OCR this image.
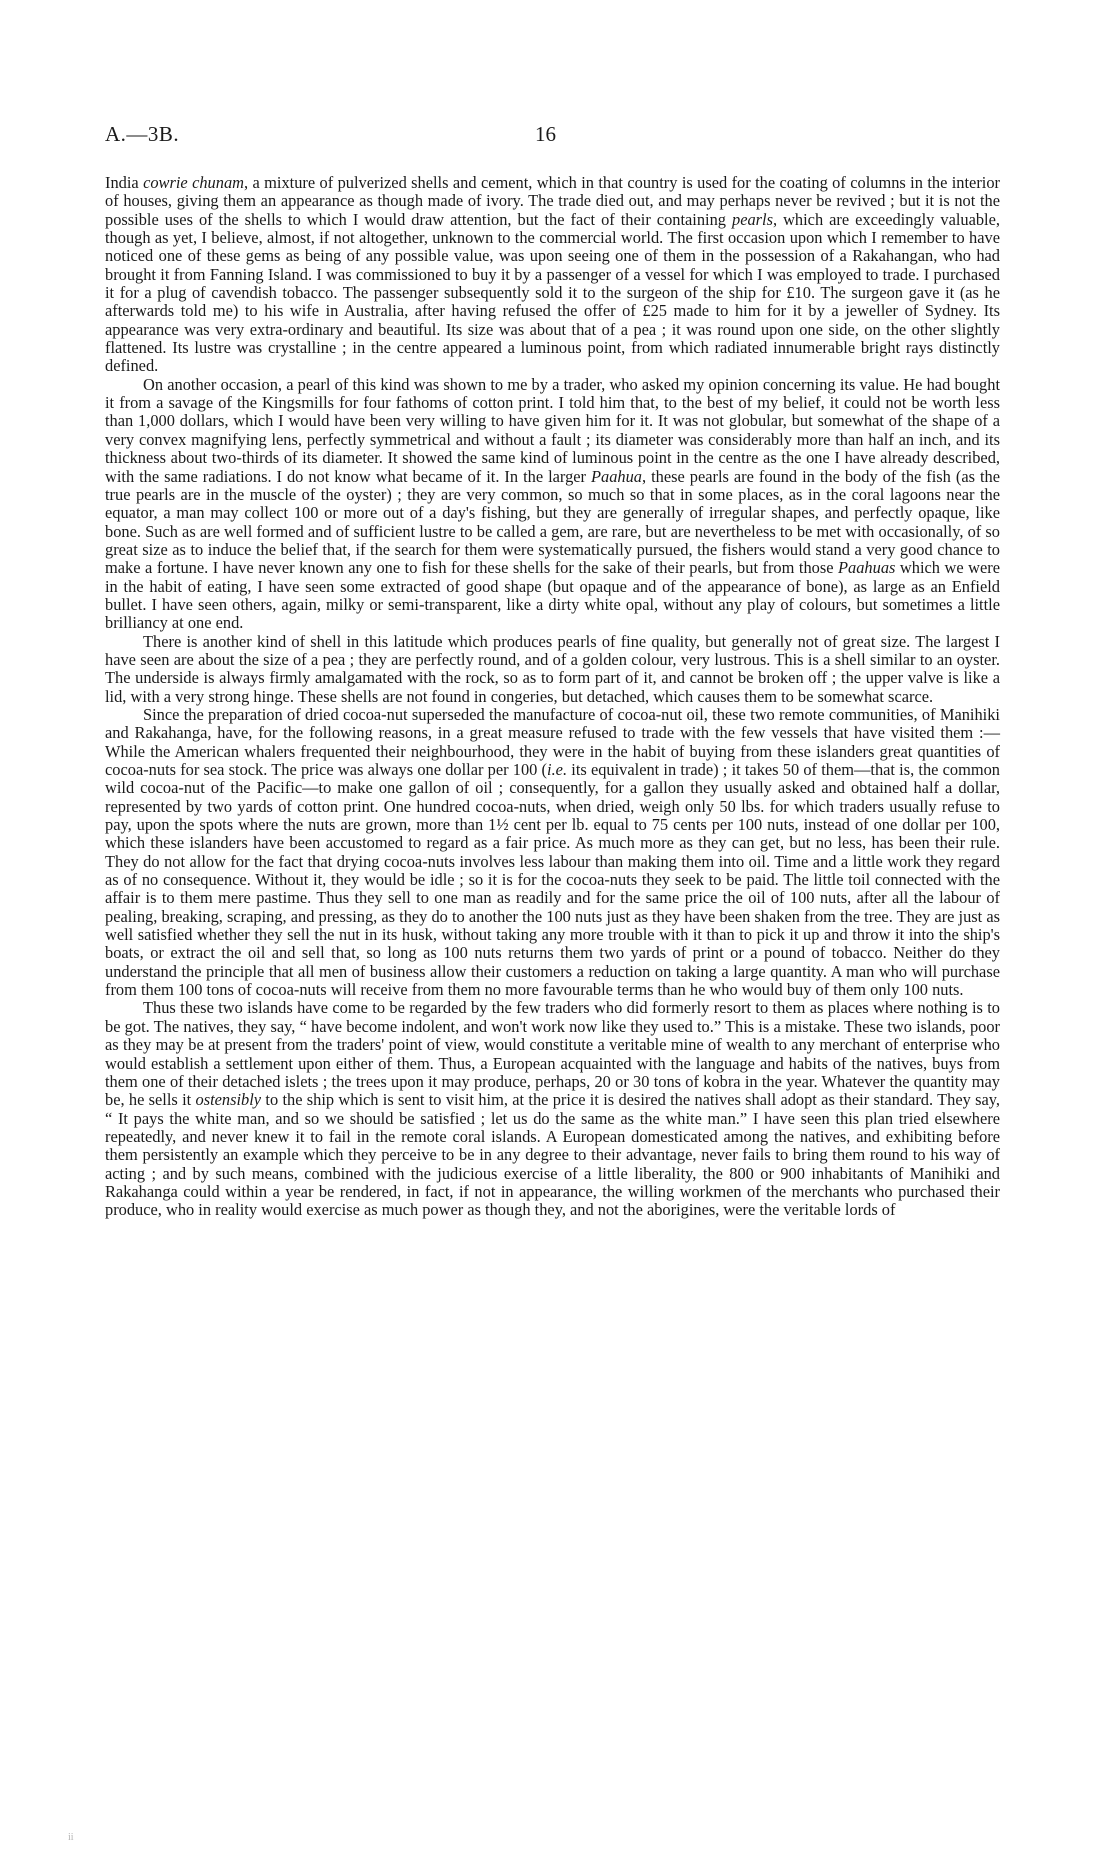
A.—3B.	16

India cowrie chunam, a mixture of pulverized shells and cement, which in that country is used for the coating of columns in the interior of houses, giving them an appearance as though made of ivory. The trade died out, and may perhaps never be revived ; but it is not the possible uses of the shells to which I would draw attention, but the fact of their containing pearls, which are exceedingly valuable, though as yet, I believe, almost, if not altogether, unknown to the commercial world. The first occasion upon which I remember to have noticed one of these gems as being of any possible value, was upon seeing one of them in the possession of a Rakahangan, who had brought it from Fanning Island. I was commissioned to buy it by a passenger of a vessel for which I was employed to trade. I purchased it for a plug of cavendish tobacco. The passenger subsequently sold it to the surgeon of the ship for £10. The surgeon gave it (as he afterwards told me) to his wife in Australia, after having refused the offer of £25 made to him for it by a jeweller of Sydney. Its appearance was very extra-ordinary and beautiful. Its size was about that of a pea ; it was round upon one side, on the other slightly flattened. Its lustre was crystalline ; in the centre appeared a luminous point, from which radiated innumerable bright rays distinctly defined.

On another occasion, a pearl of this kind was shown to me by a trader, who asked my opinion concerning its value. He had bought it from a savage of the Kingsmills for four fathoms of cotton print. I told him that, to the best of my belief, it could not be worth less than 1,000 dollars, which I would have been very willing to have given him for it. It was not globular, but somewhat of the shape of a very convex magnifying lens, perfectly symmetrical and without a fault ; its diameter was considerably more than half an inch, and its thickness about two-thirds of its diameter. It showed the same kind of luminous point in the centre as the one I have already described, with the same radiations. I do not know what became of it. In the larger Paahua, these pearls are found in the body of the fish (as the true pearls are in the muscle of the oyster) ; they are very common, so much so that in some places, as in the coral lagoons near the equator, a man may collect 100 or more out of a day's fishing, but they are generally of irregular shapes, and perfectly opaque, like bone. Such as are well formed and of sufficient lustre to be called a gem, are rare, but are nevertheless to be met with occasionally, of so great size as to induce the belief that, if the search for them were systematically pursued, the fishers would stand a very good chance to make a fortune. I have never known any one to fish for these shells for the sake of their pearls, but from those Paahuas which we were in the habit of eating, I have seen some extracted of good shape (but opaque and of the appearance of bone), as large as an Enfield bullet. I have seen others, again, milky or semi-transparent, like a dirty white opal, without any play of colours, but sometimes a little brilliancy at one end.

There is another kind of shell in this latitude which produces pearls of fine quality, but generally not of great size. The largest I have seen are about the size of a pea ; they are perfectly round, and of a golden colour, very lustrous. This is a shell similar to an oyster. The underside is always firmly amalgamated with the rock, so as to form part of it, and cannot be broken off ; the upper valve is like a lid, with a very strong hinge. These shells are not found in congeries, but detached, which causes them to be somewhat scarce.

Since the preparation of dried cocoa-nut superseded the manufacture of cocoa-nut oil, these two remote communities, of Manihiki and Rakahanga, have, for the following reasons, in a great measure refused to trade with the few vessels that have visited them :—While the American whalers frequented their neighbourhood, they were in the habit of buying from these islanders great quantities of cocoa-nuts for sea stock. The price was always one dollar per 100 (i.e. its equivalent in trade) ; it takes 50 of them—that is, the common wild cocoa-nut of the Pacific—to make one gallon of oil ; consequently, for a gallon they usually asked and obtained half a dollar, represented by two yards of cotton print. One hundred cocoa-nuts, when dried, weigh only 50 lbs. for which traders usually refuse to pay, upon the spots where the nuts are grown, more than 1½ cent per lb. equal to 75 cents per 100 nuts, instead of one dollar per 100, which these islanders have been accustomed to regard as a fair price. As much more as they can get, but no less, has been their rule. They do not allow for the fact that drying cocoa-nuts involves less labour than making them into oil. Time and a little work they regard as of no consequence. Without it, they would be idle ; so it is for the cocoa-nuts they seek to be paid. The little toil connected with the affair is to them mere pastime. Thus they sell to one man as readily and for the same price the oil of 100 nuts, after all the labour of pealing, breaking, scraping, and pressing, as they do to another the 100 nuts just as they have been shaken from the tree. They are just as well satisfied whether they sell the nut in its husk, without taking any more trouble with it than to pick it up and throw it into the ship's boats, or extract the oil and sell that, so long as 100 nuts returns them two yards of print or a pound of tobacco. Neither do they understand the principle that all men of business allow their customers a reduction on taking a large quantity. A man who will purchase from them 100 tons of cocoa-nuts will receive from them no more favourable terms than he who would buy of them only 100 nuts.

Thus these two islands have come to be regarded by the few traders who did formerly resort to them as places where nothing is to be got. The natives, they say, “ have become indolent, and won't work now like they used to.” This is a mistake. These two islands, poor as they may be at present from the traders' point of view, would constitute a veritable mine of wealth to any merchant of enterprise who would establish a settlement upon either of them. Thus, a European acquainted with the language and habits of the natives, buys from them one of their detached islets ; the trees upon it may produce, perhaps, 20 or 30 tons of kobra in the year. Whatever the quantity may be, he sells it ostensibly to the ship which is sent to visit him, at the price it is desired the natives shall adopt as their standard. They say, “ It pays the white man, and so we should be satisfied ; let us do the same as the white man.” I have seen this plan tried elsewhere repeatedly, and never knew it to fail in the remote coral islands. A European domesticated among the natives, and exhibiting before them persistently an example which they perceive to be in any degree to their advantage, never fails to bring them round to his way of acting ; and by such means, combined with the judicious exercise of a little liberality, the 800 or 900 inhabitants of Manihiki and Rakahanga could within a year be rendered, in fact, if not in appearance, the willing workmen of the merchants who purchased their produce, who in reality would exercise as much power as though they, and not the aborigines, were the veritable lords of

ii
